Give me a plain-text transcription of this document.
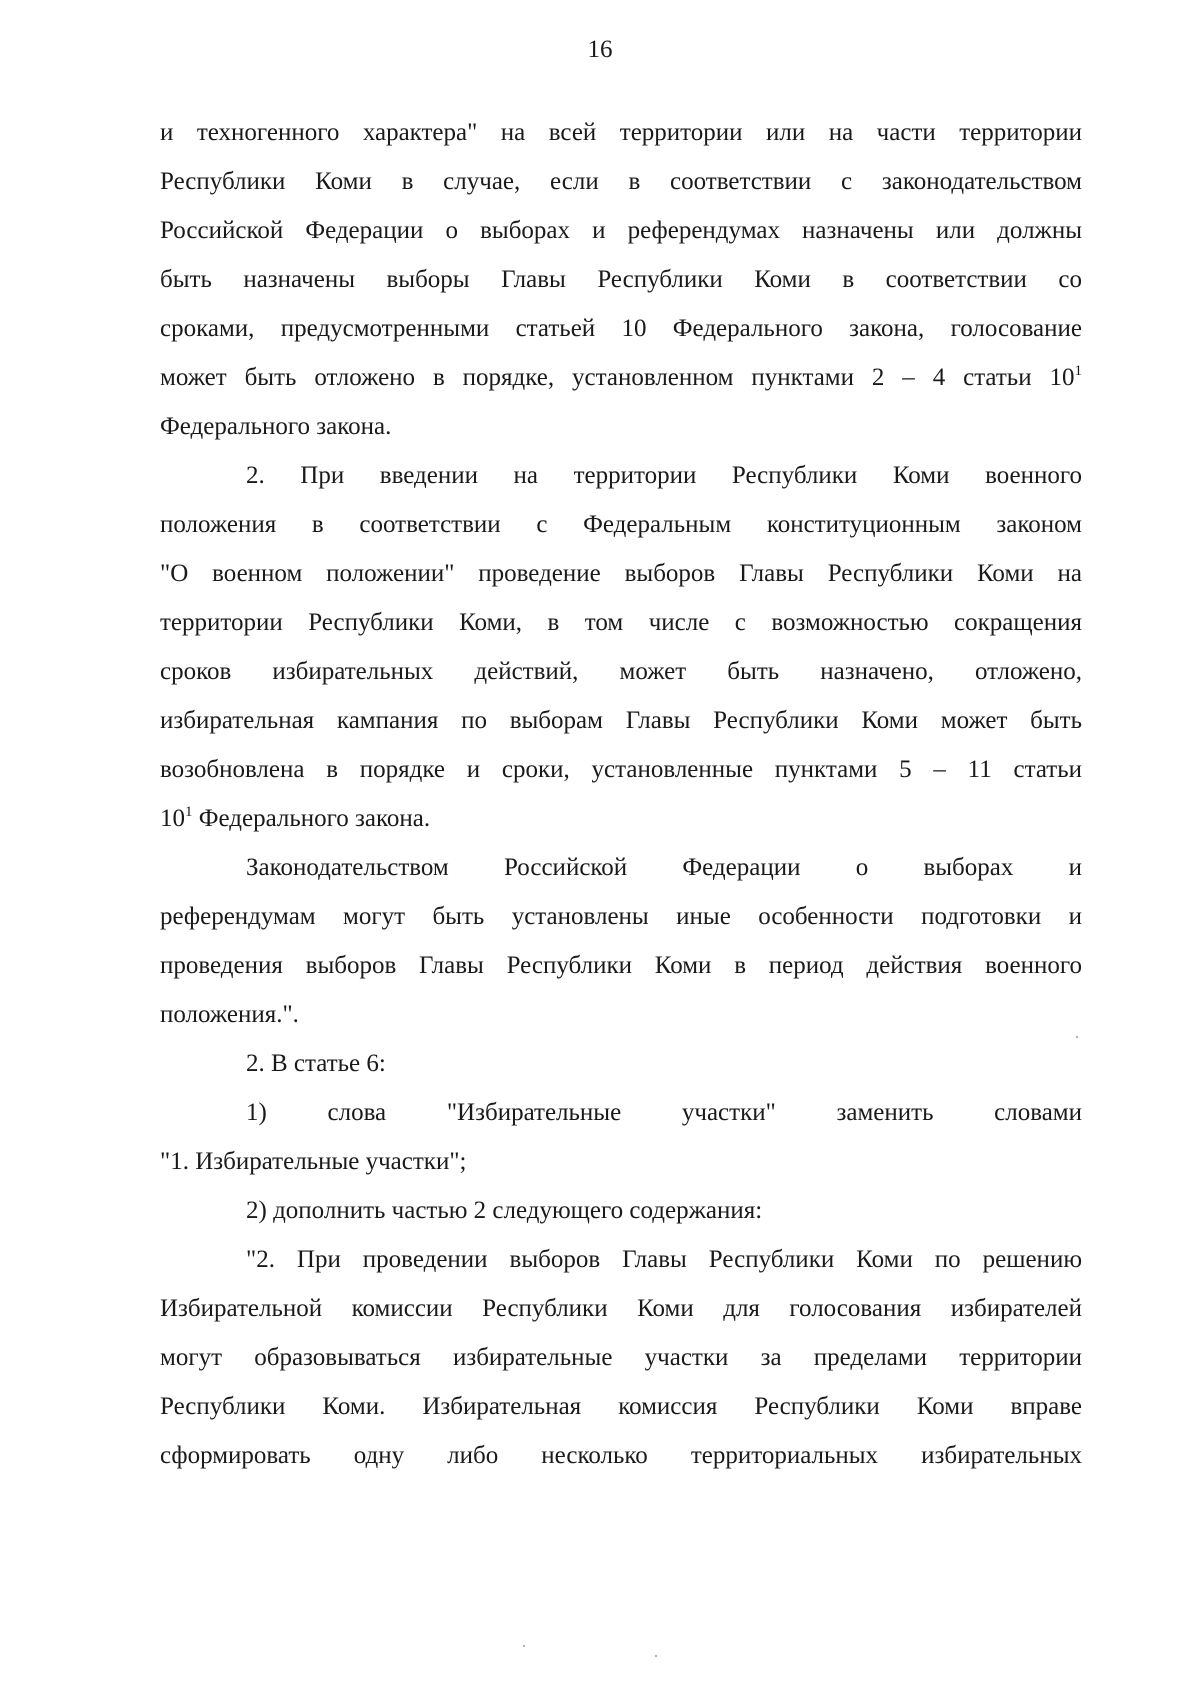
16
и техногенного характера" на всей территории или на части территории
Республики Коми в случае, если в соответствии с законодательством
Российской Федерации о выборах и референдумах назначены или должны
быть назначены выборы Главы Республики Коми в соответствии со
сроками, предусмотренными статьей 10 Федерального закона, голосование
может быть отложено в порядке, установленном пунктами 2 – 4 статьи $10^1$
Федерального закона.
2. При введении на территории Республики Коми военного
положения в соответствии с Федеральным конституционным законом
"О военном положении" проведение выборов Главы Республики Коми на
территории Республики Коми, в том числе с возможностью сокращения
сроков избирательных действий, может быть назначено, отложено,
избирательная кампания по выборам Главы Республики Коми может быть
возобновлена в порядке и сроки, установленные пунктами 5 – 11 статьи
$10^1$ Федерального закона.
Законодательством Российской Федерации о выборах и
референдумам могут быть установлены иные особенности подготовки и
проведения выборов Главы Республики Коми в период действия военного
положения.".
2. В статье 6:
1) слова "Избирательные участки" заменить словами
"1. Избирательные участки";
2) дополнить частью 2 следующего содержания:
"2. При проведении выборов Главы Республики Коми по решению
Избирательной комиссии Республики Коми для голосования избирателей
могут образовываться избирательные участки за пределами территории
Республики Коми. Избирательная комиссия Республики Коми вправе
сформировать одну либо несколько территориальных избирательных
